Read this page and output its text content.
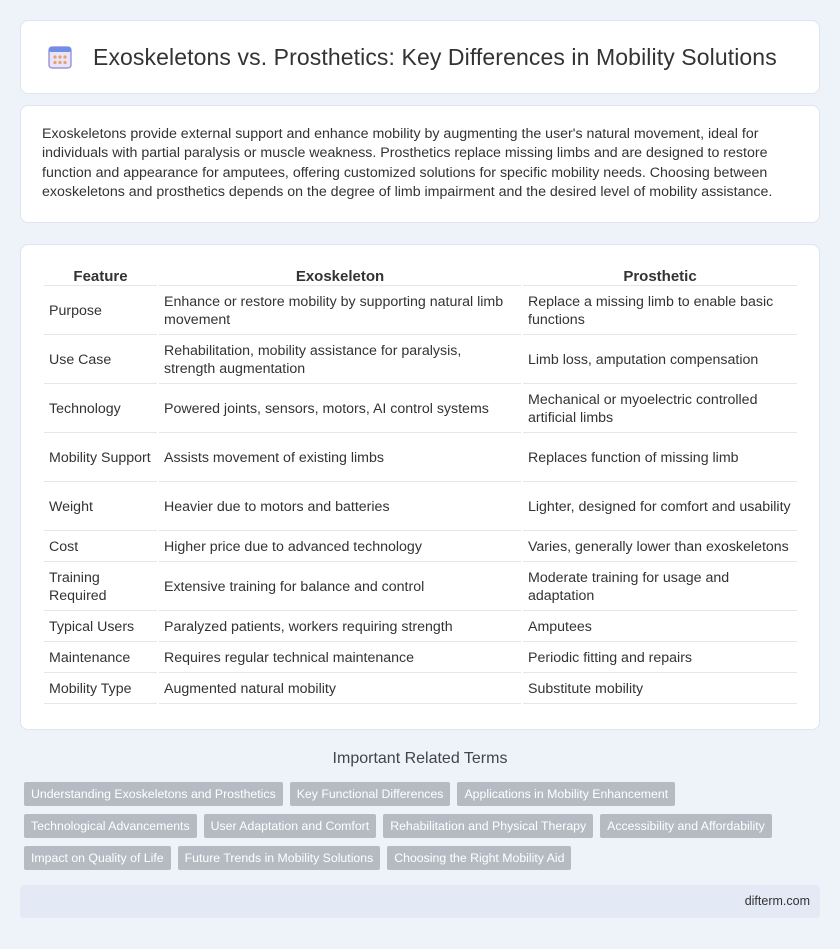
Exoskeletons vs. Prosthetics: Key Differences in Mobility Solutions

Exoskeletons provide external support and enhance mobility by augmenting the user's natural movement, ideal for individuals with partial paralysis or muscle weakness. Prosthetics replace missing limbs and are designed to restore function and appearance for amputees, offering customized solutions for specific mobility needs. Choosing between exoskeletons and prosthetics depends on the degree of limb impairment and the desired level of mobility assistance.

Feature	Exoskeleton	Prosthetic
Purpose	Enhance or restore mobility by supporting natural limb movement	Replace a missing limb to enable basic functions
Use Case	Rehabilitation, mobility assistance for paralysis, strength augmentation	Limb loss, amputation compensation
Technology	Powered joints, sensors, motors, AI control systems	Mechanical or myoelectric controlled artificial limbs
Mobility Support	Assists movement of existing limbs	Replaces function of missing limb
Weight	Heavier due to motors and batteries	Lighter, designed for comfort and usability
Cost	Higher price due to advanced technology	Varies, generally lower than exoskeletons
Training Required	Extensive training for balance and control	Moderate training for usage and adaptation
Typical Users	Paralyzed patients, workers requiring strength	Amputees
Maintenance	Requires regular technical maintenance	Periodic fitting and repairs
Mobility Type	Augmented natural mobility	Substitute mobility
Important Related Terms
Understanding Exoskeletons and Prosthetics	Key Functional Differences	Applications in Mobility Enhancement
Technological Advancements	User Adaptation and Comfort	Rehabilitation and Physical Therapy	Accessibility and Affordability
Impact on Quality of Life	Future Trends in Mobility Solutions	Choosing the Right Mobility Aid
difterm.com
